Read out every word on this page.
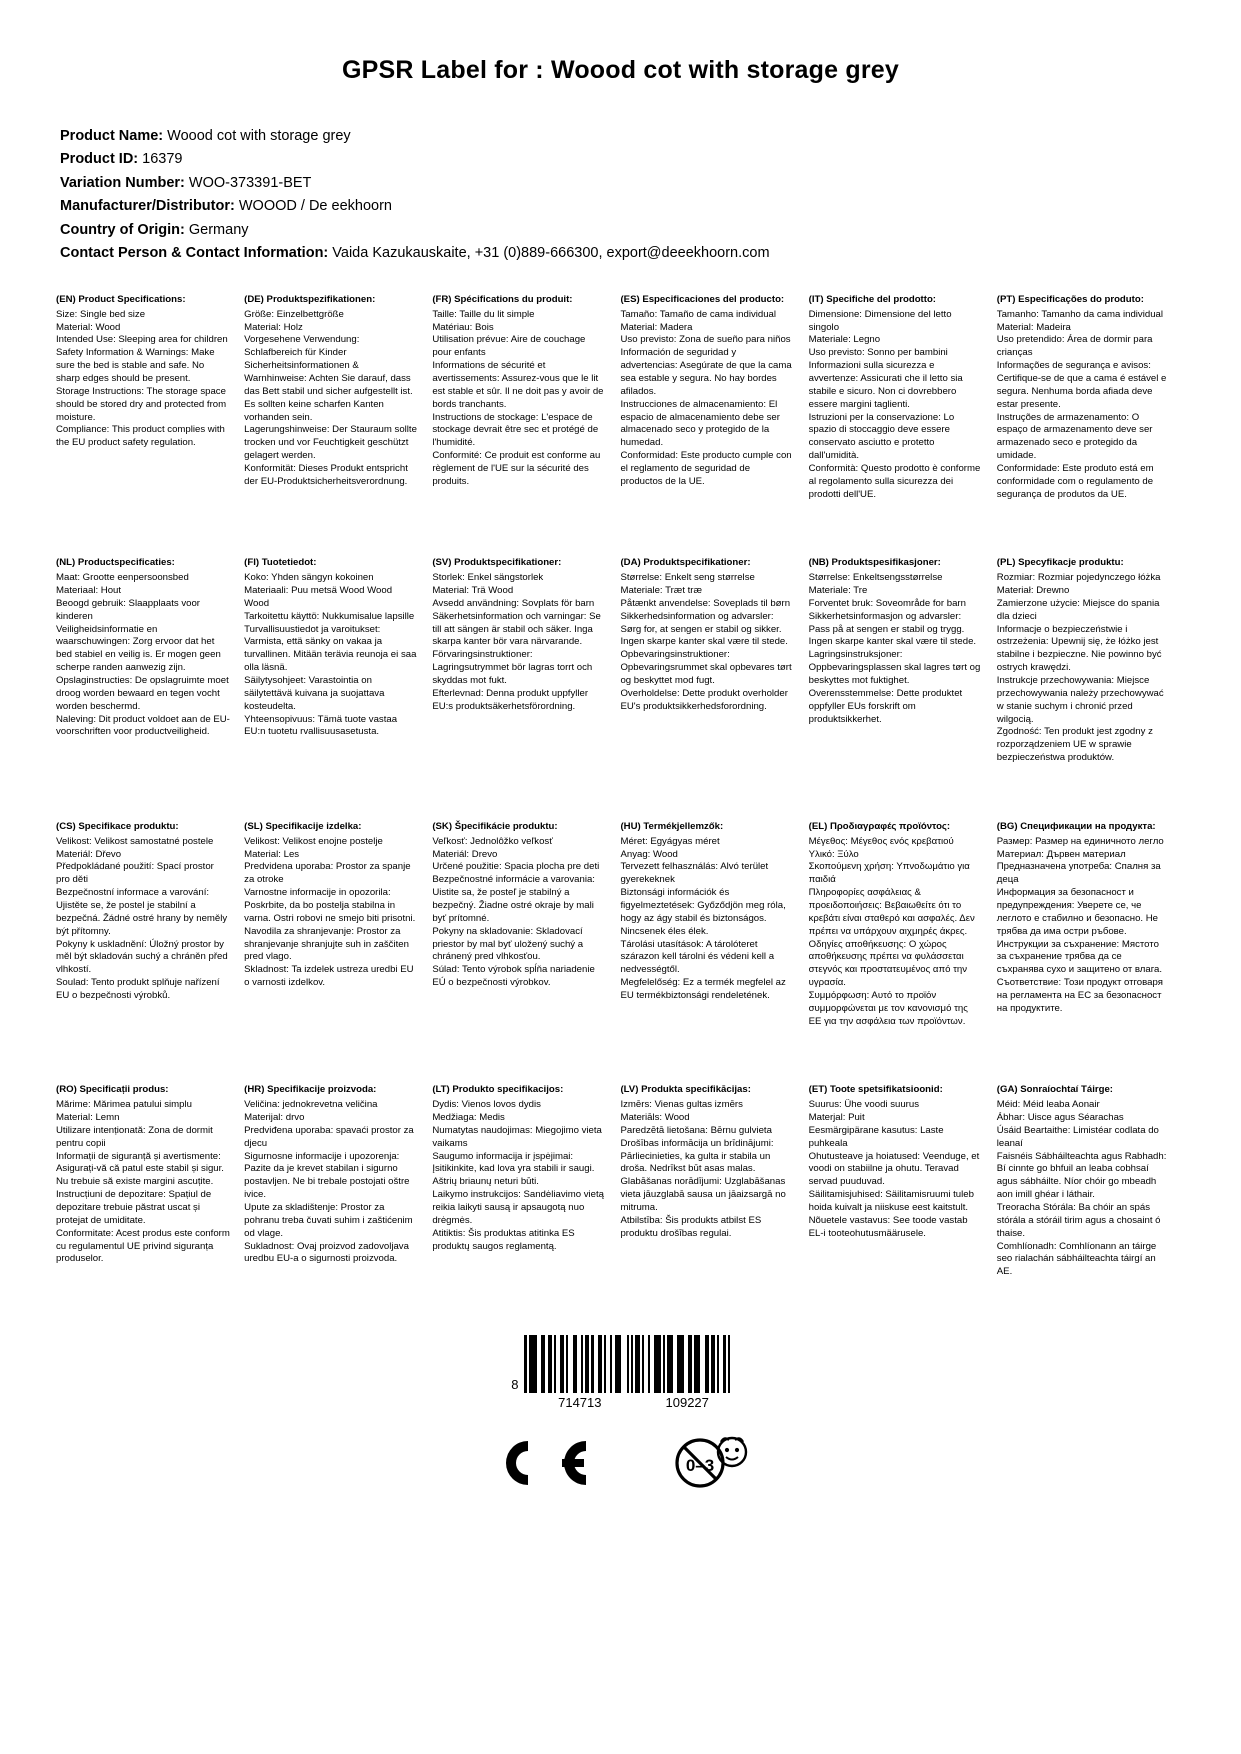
GPSR Label for : Woood cot with storage grey
Product Name: Woood cot with storage grey
Product ID: 16379
Variation Number: WOO-373391-BET
Manufacturer/Distributor: WOOOD / De eekhoorn
Country of Origin: Germany
Contact Person & Contact Information: Vaida Kazukauskaite, +31 (0)889-666300, export@deeekhoorn.com
(EN) Product Specifications:
Size: Single bed size
Material: Wood
Intended Use: Sleeping area for children
Safety Information & Warnings: Make sure the bed is stable and safe. No sharp edges should be present.
Storage Instructions: The storage space should be stored dry and protected from moisture.
Compliance: This product complies with the EU product safety regulation.
(DE) Produktspezifikationen:
Größe: Einzelbettgröße
Material: Holz
Vorgesehene Verwendung: Schlafbereich für Kinder
Sicherheitsinformationen & Warnhinweise: Achten Sie darauf, dass das Bett stabil und sicher aufgestellt ist. Es sollten keine scharfen Kanten vorhanden sein.
Lagerungshinweise: Der Stauraum sollte trocken und vor Feuchtigkeit geschützt gelagert werden.
Konformität: Dieses Produkt entspricht der EU-Produktsicherheitsverordnung.
(FR) Spécifications du produit:
Taille: Taille du lit simple
Matériau: Bois
Utilisation prévue: Aire de couchage pour enfants
Informations de sécurité et avertissements: Assurez-vous que le lit est stable et sûr. Il ne doit pas y avoir de bords tranchants.
Instructions de stockage: L'espace de stockage devrait être sec et protégé de l'humidité.
Conformité: Ce produit est conforme au règlement de l'UE sur la sécurité des produits.
(ES) Especificaciones del producto:
Tamaño: Tamaño de cama individual
Material: Madera
Uso previsto: Zona de sueño para niños
Información de seguridad y advertencias: Asegúrate de que la cama sea estable y segura. No hay bordes afilados.
Instrucciones de almacenamiento: El espacio de almacenamiento debe ser almacenado seco y protegido de la humedad.
Conformidad: Este producto cumple con el reglamento de seguridad de productos de la UE.
(IT) Specifiche del prodotto:
Dimensione: Dimensione del letto singolo
Materiale: Legno
Uso previsto: Sonno per bambini
Informazioni sulla sicurezza e avvertenze: Assicurati che il letto sia stabile e sicuro. Non ci dovrebbero essere margini taglienti.
Istruzioni per la conservazione: Lo spazio di stoccaggio deve essere conservato asciutto e protetto dall'umidità.
Conformità: Questo prodotto è conforme al regolamento sulla sicurezza dei prodotti dell'UE.
(PT) Especificações do produto:
Tamanho: Tamanho da cama individual
Material: Madeira
Uso pretendido: Área de dormir para crianças
Informações de segurança e avisos: Certifique-se de que a cama é estável e segura. Nenhuma borda afiada deve estar presente.
Instruções de armazenamento: O espaço de armazenamento deve ser armazenado seco e protegido da umidade.
Conformidade: Este produto está em conformidade com o regulamento de segurança de produtos da UE.
(NL) Productspecificaties:
Maat: Grootte eenpersoonsbed
Materiaal: Hout
Beoogd gebruik: Slaapplaats voor kinderen
Veiligheidsinformatie en waarschuwingen: Zorg ervoor dat het bed stabiel en veilig is. Er mogen geen scherpe randen aanwezig zijn.
Opslaginstructies: De opslagruimte moet droog worden bewaard en tegen vocht worden beschermd.
Naleving: Dit product voldoet aan de EU-voorschriften voor productveiligheid.
(FI) Tuotetiedot:
Koko: Yhden sängyn kokoinen
Materiaali: Puu metsä Wood Wood Wood
Tarkoitettu käyttö: Nukkumisalue lapsille
Turvallisuustiedot ja varoitukset: Varmista, että sänky on vakaa ja turvallinen. Mitään terävia reunoja ei saa olla läsnä.
Säilytysohjeet: Varastointia on säilytettävä kuivana ja suojattava kosteudelta.
Yhteensopivuus: Tämä tuote vastaa EU:n tuotetu rvallisuusasetusta.
(SV) Produktspecifikationer:
Storlek: Enkel sängstorlek
Material: Trä Wood
Avsedd användning: Sovplats för barn
Säkerhetsinformation och varningar: Se till att sängen är stabil och säker. Inga skarpa kanter bör vara närvarande.
Förvaringsinstruktioner: Lagringsutrymmet bör lagras torrt och skyddas mot fukt.
Efterlevnad: Denna produkt uppfyller EU:s produktsäkerhetsförordning.
(DA) Produktspecifikationer:
Størrelse: Enkelt seng størrelse
Materiale: Træt træ
Påtænkt anvendelse: Soveplads til børn
Sikkerhedsinformation og advarsler: Sørg for, at sengen er stabil og sikker. Ingen skarpe kanter skal være til stede.
Opbevaringsinstruktioner: Opbevaringsrummet skal opbevares tørt og beskyttet mod fugt.
Overholdelse: Dette produkt overholder EU's produktsikkerhedsforordning.
(NB) Produktspesifikasjoner:
Størrelse: Enkeltsengsstørrelse
Materiale: Tre
Forventet bruk: Soveområde for barn
Sikkerhetsinformasjon og advarsler: Pass på at sengen er stabil og trygg. Ingen skarpe kanter skal være til stede.
Lagringsinstruksjoner: Oppbevaringsplassen skal lagres tørt og beskyttes mot fuktighet.
Overensstemmelse: Dette produktet oppfyller EUs forskrift om produktsikkerhet.
(PL) Specyfikacje produktu:
Rozmiar: Rozmiar pojedynczego łóżka
Materiał: Drewno
Zamierzone użycie: Miejsce do spania dla dzieci
Informacje o bezpieczeństwie i ostrzeżenia: Upewnij się, że łóżko jest stabilne i bezpieczne. Nie powinno być ostrych krawędzi.
Instrukcje przechowywania: Miejsce przechowywania należy przechowywać w stanie suchym i chronić przed wilgocią.
Zgodność: Ten produkt jest zgodny z rozporządzeniem UE w sprawie bezpieczeństwa produktów.
(CS) Specifikace produktu:
Velikost: Velikost samostatné postele
Materiál: Dřevo
Předpokládané použití: Spací prostor pro děti
Bezpečnostní informace a varování: Ujistěte se, že postel je stabilní a bezpečná. Žádné ostré hrany by neměly být přítomny.
Pokyny k uskladnění: Úložný prostor by měl být skladován suchý a chráněn před vlhkostí.
Soulad: Tento produkt splňuje nařízení EU o bezpečnosti výrobků.
(SL) Specifikacije izdelka:
Velikost: Velikost enojne postelje
Material: Les
Predvidena uporaba: Prostor za spanje za otroke
Varnostne informacije in opozorila: Poskrbite, da bo postelja stabilna in varna. Ostri robovi ne smejo biti prisotni.
Navodila za shranjevanje: Prostor za shranjevanje shranjujte suh in zaščiten pred vlago.
Skladnost: Ta izdelek ustreza uredbi EU o varnosti izdelkov.
(SK) Špecifikácie produktu:
Veľkosť: Jednolôžko veľkosť
Materiál: Drevo
Určené použitie: Spacia plocha pre deti
Bezpečnostné informácie a varovania: Uistite sa, že posteľ je stabilný a bezpečný. Žiadne ostré okraje by mali byť prítomné.
Pokyny na skladovanie: Skladovací priestor by mal byť uložený suchý a chránený pred vlhkosťou.
Súlad: Tento výrobok spĺňa nariadenie EÚ o bezpečnosti výrobkov.
(HU) Termékjellemzők:
Méret: Egyágyas méret
Anyag: Wood
Tervezett felhasználás: Alvó terület gyerekeknek
Biztonsági információk és figyelmeztetések: Győződjön meg róla, hogy az ágy stabil és biztonságos. Nincsenek éles élek.
Tárolási utasítások: A tárolóteret szárazon kell tárolni és védeni kell a nedvességtől.
Megfelelőség: Ez a termék megfelel az EU termékbiztonsági rendeletének.
(EL) Προδιαγραφές προϊόντος:
Μέγεθος: Μέγεθος ενός κρεβατιού
Υλικό: Ξύλο
Σκοπούμενη χρήση: Υπνοδωμάτιο για παιδιά
Πληροφορίες ασφάλειας & προειδοποιήσεις: Βεβαιωθείτε ότι το κρεβάτι είναι σταθερό και ασφαλές. Δεν πρέπει να υπάρχουν αιχμηρές άκρες.
Οδηγίες αποθήκευσης: Ο χώρος αποθήκευσης πρέπει να φυλάσσεται στεγνός και προστατευμένος από την υγρασία.
Συμμόρφωση: Αυτό το προϊόν συμμορφώνεται με τον κανονισμό της ΕΕ για την ασφάλεια των προϊόντων.
(BG) Спецификации на продукта:
Размер: Размер на единичното легло
Материал: Дървен материал
Предназначена употреба: Спалня за деца
Информация за безопасност и предупреждения: Уверете се, че леглото е стабилно и безопасно. Не трябва да има остри ръбове.
Инструкции за съхранение: Мястото за съхранение трябва да се съхранява сухо и защитено от влага.
Съответствие: Този продукт отговаря на регламента на ЕС за безопасност на продуктите.
(RO) Specificații produs:
Mărime: Mărimea patului simplu
Material: Lemn
Utilizare intenționată: Zona de dormit pentru copii
Informații de siguranță și avertismente: Asigurați-vă că patul este stabil și sigur. Nu trebuie să existe margini ascuțite.
Instrucțiuni de depozitare: Spațiul de depozitare trebuie păstrat uscat și protejat de umiditate.
Conformitate: Acest produs este conform cu regulamentul UE privind siguranța produselor.
(HR) Specifikacije proizvoda:
Veličina: jednokrevetna veličina
Materijal: drvo
Predviđena uporaba: spavaći prostor za djecu
Sigurnosne informacije i upozorenja: Pazite da je krevet stabilan i sigurno postavljen. Ne bi trebale postojati oštre ivice.
Upute za skladištenje: Prostor za pohranu treba čuvati suhim i zaštićenim od vlage.
Sukladnost: Ovaj proizvod zadovoljava uredbu EU-a o sigurnosti proizvoda.
(LT) Produkto specifikacijos:
Dydis: Vienos lovos dydis
Medžiaga: Medis
Numatytas naudojimas: Miegojimo vieta vaikams
Saugumo informacija ir įspėjimai: Įsitikinkite, kad lova yra stabili ir saugi. Aštrių briaunų neturi būti.
Laikymo instrukcijos: Sandėliavimo vietą reikia laikyti sausą ir apsaugotą nuo drėgmės.
Atitiktis: Šis produktas atitinka ES produktų saugos reglamentą.
(LV) Produkta specifikācijas:
Izmērs: Vienas gultas izmērs
Materiāls: Wood
Paredzētā lietošana: Bērnu gulvieta
Drošības informācija un brīdinājumi: Pārliecinieties, ka gulta ir stabila un droša. Nedrīkst būt asas malas.
Glabāšanas norādījumi: Uzglabāšanas vieta jāuzglabā sausa un jāaizsargā no mitruma.
Atbilstība: Šis produkts atbilst ES produktu drošības regulai.
(ET) Toote spetsifikatsioonid:
Suurus: Ühe voodi suurus
Materjal: Puit
Eesmärgipärane kasutus: Laste puhkeala
Ohutusteave ja hoiatused: Veenduge, et voodi on stabiilne ja ohutu. Teravad servad puuduvad.
Säilitamisjuhised: Säilitamisruumi tuleb hoida kuivalt ja niiskuse eest kaitstult.
Nõuetele vastavus: See toode vastab EL-i tooteohutusmäärusele.
(GA) Sonraíochtaí Táirge:
Méid: Méid leaba Aonair
Ábhar: Uisce agus Séarachas
Úsáid Beartaithe: Limistéar codlata do leanaí
Faisnéis Sábháilteachta agus Rabhadh: Bí cinnte go bhfuil an leaba cobhsaí agus sábháilte. Níor chóir go mbeadh aon imill ghéar i láthair.
Treoracha Stórála: Ba chóir an spás stórála a stóráil tirim agus a chosaint ó thaise.
Comhlíonadh: Comhlíonann an táirge seo rialachán sábháilteachta táirgí an AE.
8
714713	109227
0–3
